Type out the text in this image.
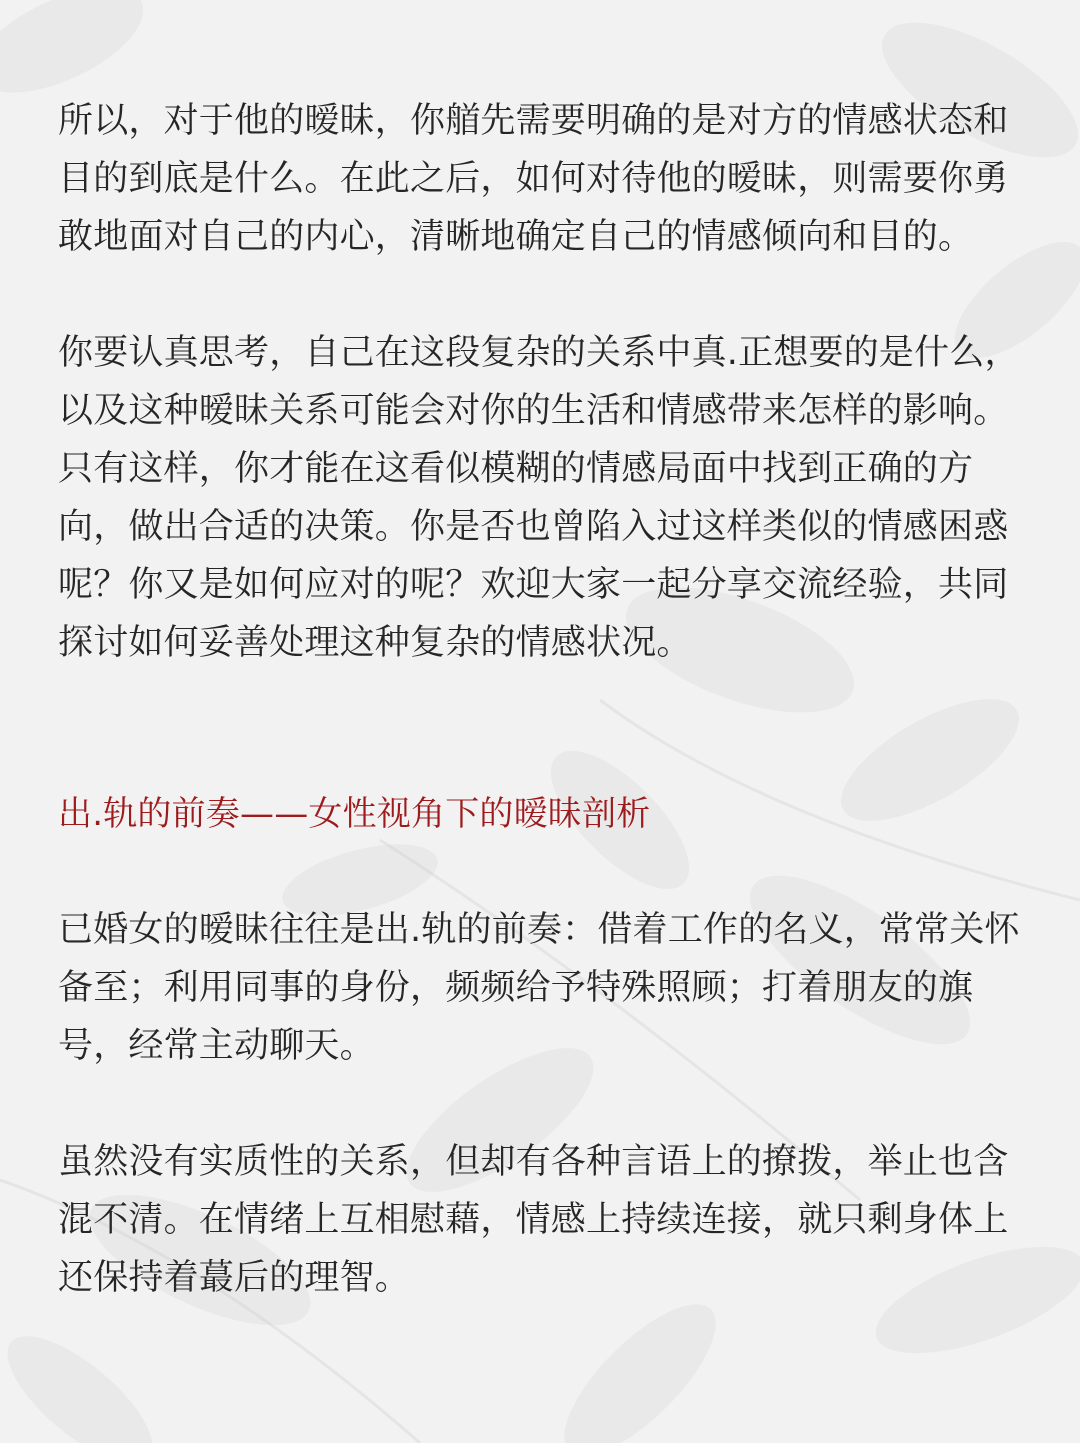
所以，对于他的暧昧，你艏先需要明确的是对方的情感状态和目的到底是什么。在此之后，如何对待他的暧昧，则需要你勇敢地面对自己的内心，清晰地确定自己的情感倾向和目的。

你要认真思考，自己在这段复杂的关系中真.正想要的是什么，以及这种暧昧关系可能会对你的生活和情感带来怎样的影响。只有这样，你才能在这看似模糊的情感局面中找到正确的方向，做出合适的决策。你是否也曾陷入过这样类似的情感困惑呢？你又是如何应对的呢？欢迎大家一起分享交流经验，共同探讨如何妥善处理这种复杂的情感状况。

出.轨的前奏——女性视角下的暧昧剖析

已婚女的暧昧往往是出.轨的前奏：借着工作的名义，常常关怀备至；利用同事的身份，频频给予特殊照顾；打着朋友的旗号，经常主动聊天。

虽然没有实质性的关系，但却有各种言语上的撩拨，举止也含混不清。在情绪上互相慰藉，情感上持续连接，就只剩身体上还保持着蕞后的理智。
